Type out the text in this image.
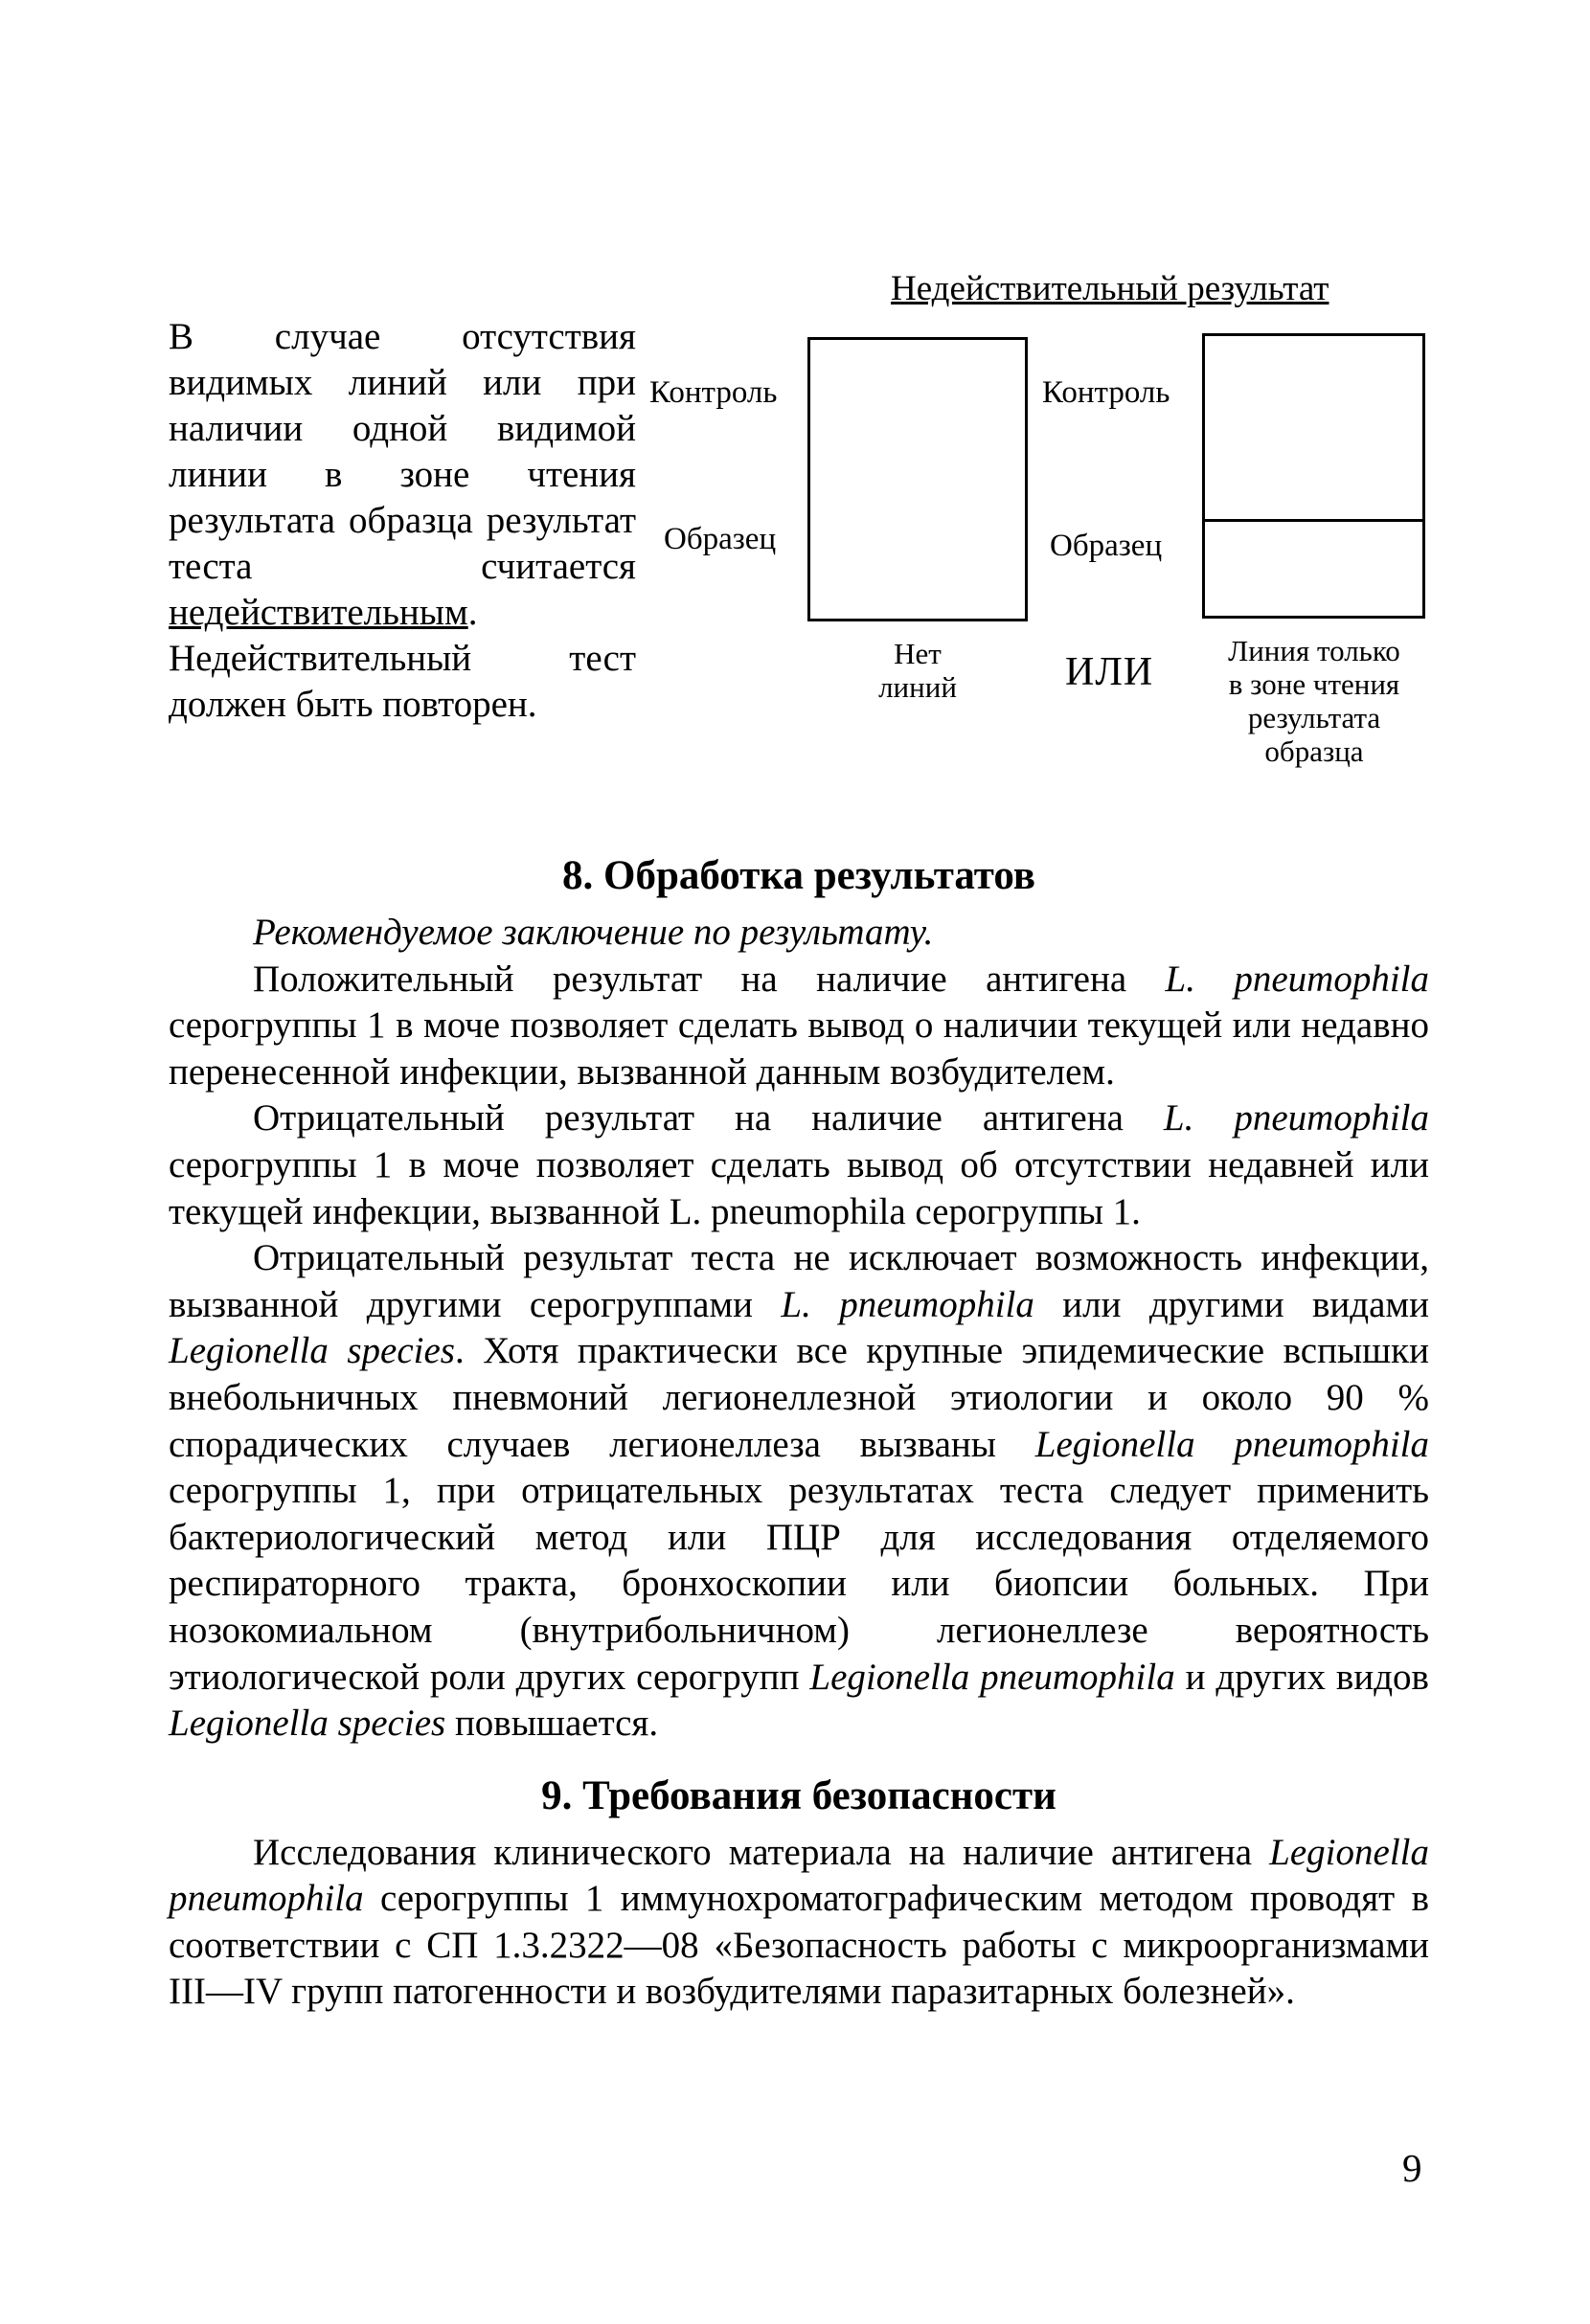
В случае отсутствия видимых линий или при наличии одной видимой линии в зоне чтения результата образца результат теста считается недействительным. Недействительный тест должен быть повторен.
Недействительный результат
Контроль
Образец
Нет
линий
Контроль
Образец
ИЛИ	Линия только
в зоне чтения
результата
образца
8. Обработка результатов

Рекомендуемое заключение по результату.

Положительный результат на наличие антигена L. pneumophila серогруппы 1 в моче позволяет сделать вывод о наличии текущей или недавно перенесенной инфекции, вызванной данным возбудителем.

Отрицательный результат на наличие антигена L. pneumophila серогруппы 1 в моче позволяет сделать вывод об отсутствии недавней или текущей инфекции, вызванной L. pneumophila серогруппы 1.

Отрицательный результат теста не исключает возможность инфекции, вызванной другими серогруппами L. pneumophila или другими видами Legionella species. Хотя практически все крупные эпидемические вспышки внебольничных пневмоний легионеллезной этиологии и около 90 % спорадических случаев легионеллеза вызваны Legionella pneumophila серогруппы 1, при отрицательных результатах теста следует применить бактериологический метод или ПЦР для исследования отделяемого респираторного тракта, бронхоскопии или биопсии больных. При нозокомиальном (внутрибольничном) легионеллезе вероятность этиологической роли других серогрупп Legionella pneumophila и других видов Legionella species повышается.

9. Требования безопасности

Исследования клинического материала на наличие антигена Legionella pneumophila серогруппы 1 иммунохроматографическим методом проводят в соответствии с СП 1.3.2322—08 «Безопасность работы с микроорганизмами III—IV групп патогенности и возбудителями паразитарных болезней».

9
